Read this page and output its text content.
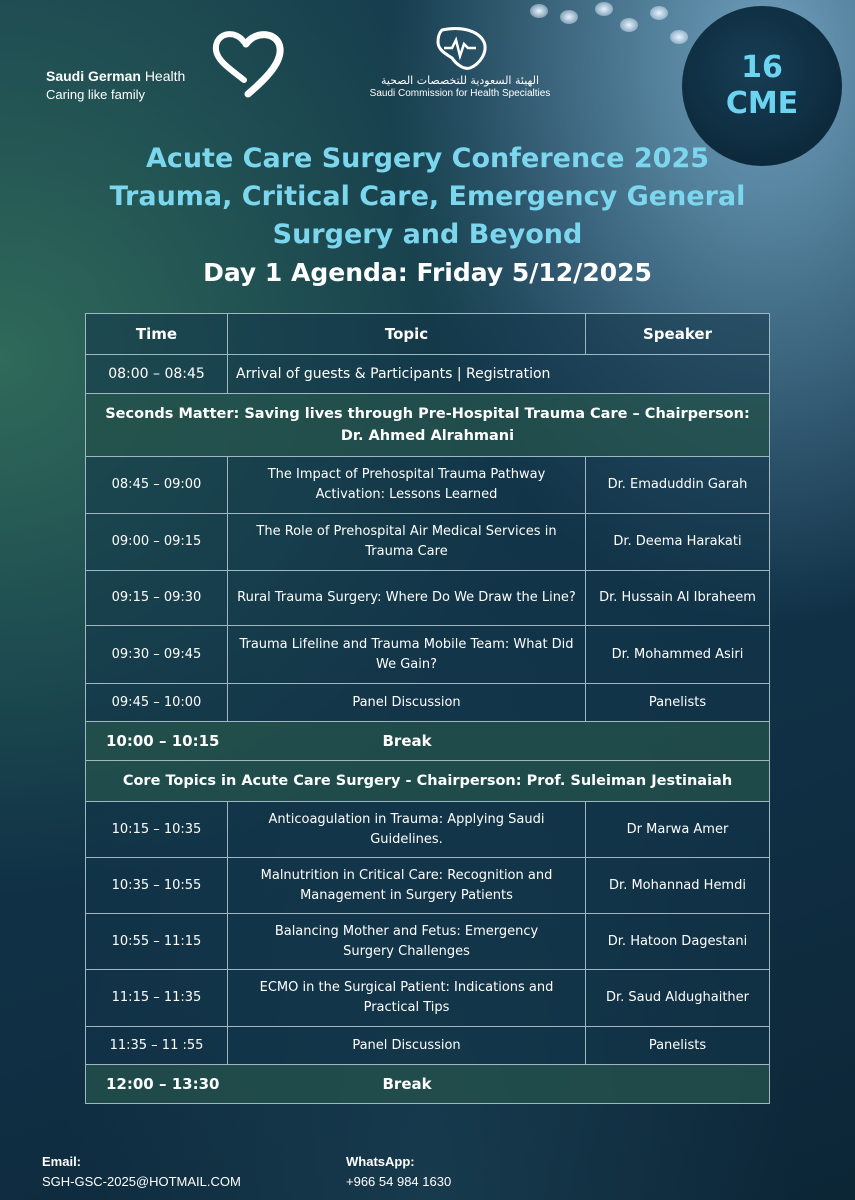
Saudi German Health
Caring like family
الهيئة السعودية للتخصصات الصحية
Saudi Commission for Health Specialties
16
CME
Acute Care Surgery Conference 2025
Trauma, Critical Care, Emergency General
Surgery and Beyond
Day 1 Agenda: Friday 5/12/2025
Time	Topic	Speaker
08:00 – 08:45	Arrival of guests & Participants | Registration	
Seconds Matter: Saving lives through Pre-Hospital Trauma Care – Chairperson: Dr. Ahmed Alrahmani		
08:45 – 09:00	The Impact of Prehospital Trauma Pathway Activation: Lessons Learned	Dr. Emaduddin Garah
09:00 – 09:15	The Role of Prehospital Air Medical Services in Trauma Care	Dr. Deema Harakati
09:15 – 09:30	Rural Trauma Surgery: Where Do We Draw the Line?	Dr. Hussain Al Ibraheem
09:30 – 09:45	Trauma Lifeline and Trauma Mobile Team: What Did We Gain?	Dr. Mohammed Asiri
09:45 – 10:00	Panel Discussion	Panelists
10:00 – 10:15	Break	
Core Topics in Acute Care Surgery - Chairperson: Prof. Suleiman Jestinaiah		
10:15 – 10:35	Anticoagulation in Trauma: Applying Saudi Guidelines.	Dr Marwa Amer
10:35 – 10:55	Malnutrition in Critical Care: Recognition and Management in Surgery Patients	Dr. Mohannad Hemdi
10:55 – 11:15	Balancing Mother and Fetus: Emergency Surgery Challenges	Dr. Hatoon Dagestani
11:15 – 11:35	ECMO in the Surgical Patient: Indications and Practical Tips	Dr. Saud Aldughaither
11:35 – 11 :55	Panel Discussion	Panelists
12:00 – 13:30	Break	
Email:
SGH-GSC-2025@HOTMAIL.COM
WhatsApp:
+966 54 984 1630
